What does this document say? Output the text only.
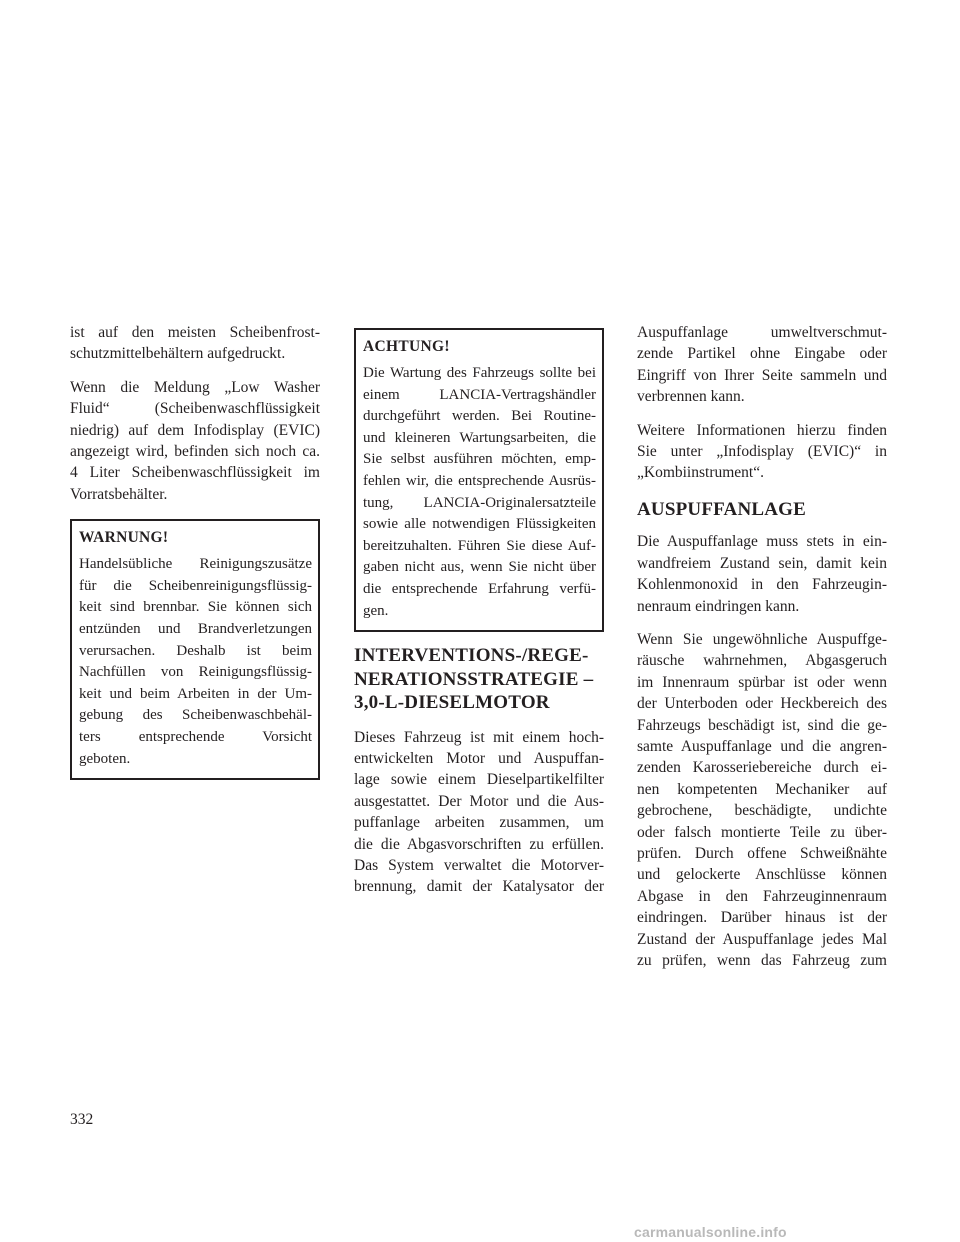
ist auf den meisten Scheibenfrost-
schutzmittelbehältern aufgedruckt.
Wenn die Meldung „Low Washer
Fluid“ (Scheibenwaschflüssigkeit
niedrig) auf dem Infodisplay (EVIC)
angezeigt wird, befinden sich noch ca.
4 Liter Scheibenwaschflüssigkeit im
Vorratsbehälter.
WARNUNG!
Handelsübliche Reinigungszusätze
für die Scheibenreinigungsflüssig-
keit sind brennbar. Sie können sich
entzünden und Brandverletzungen
verursachen. Deshalb ist beim
Nachfüllen von Reinigungsflüssig-
keit und beim Arbeiten in der Um-
gebung des Scheibenwaschbehäl-
ters entsprechende Vorsicht
geboten.
ACHTUNG!
Die Wartung des Fahrzeugs sollte bei
einem LANCIA-Vertragshändler
durchgeführt werden. Bei Routine-
und kleineren Wartungsarbeiten, die
Sie selbst ausführen möchten, emp-
fehlen wir, die entsprechende Ausrüs-
tung, LANCIA-Originalersatzteile
sowie alle notwendigen Flüssigkeiten
bereitzuhalten. Führen Sie diese Auf-
gaben nicht aus, wenn Sie nicht über
die entsprechende Erfahrung verfü-
gen.
INTERVENTIONS-/REGE-
NERATIONSSTRATEGIE –
3,0-L-DIESELMOTOR
Dieses Fahrzeug ist mit einem hoch-
entwickelten Motor und Auspuffan-
lage sowie einem Dieselpartikelfilter
ausgestattet. Der Motor und die Aus-
puffanlage arbeiten zusammen, um
die die Abgasvorschriften zu erfüllen.
Das System verwaltet die Motorver-
brennung, damit der Katalysator der
Auspuffanlage umweltverschmut-
zende Partikel ohne Eingabe oder
Eingriff von Ihrer Seite sammeln und
verbrennen kann.
Weitere Informationen hierzu finden
Sie unter „Infodisplay (EVIC)“ in
„Kombiinstrument“.
AUSPUFFANLAGE
Die Auspuffanlage muss stets in ein-
wandfreiem Zustand sein, damit kein
Kohlenmonoxid in den Fahrzeugin-
nenraum eindringen kann.
Wenn Sie ungewöhnliche Auspuffge-
räusche wahrnehmen, Abgasgeruch
im Innenraum spürbar ist oder wenn
der Unterboden oder Heckbereich des
Fahrzeugs beschädigt ist, sind die ge-
samte Auspuffanlage und die angren-
zenden Karosseriebereiche durch ei-
nen kompetenten Mechaniker auf
gebrochene, beschädigte, undichte
oder falsch montierte Teile zu über-
prüfen. Durch offene Schweißnähte
und gelockerte Anschlüsse können
Abgase in den Fahrzeuginnenraum
eindringen. Darüber hinaus ist der
Zustand der Auspuffanlage jedes Mal
zu prüfen, wenn das Fahrzeug zum
332
carmanualsonline.info
